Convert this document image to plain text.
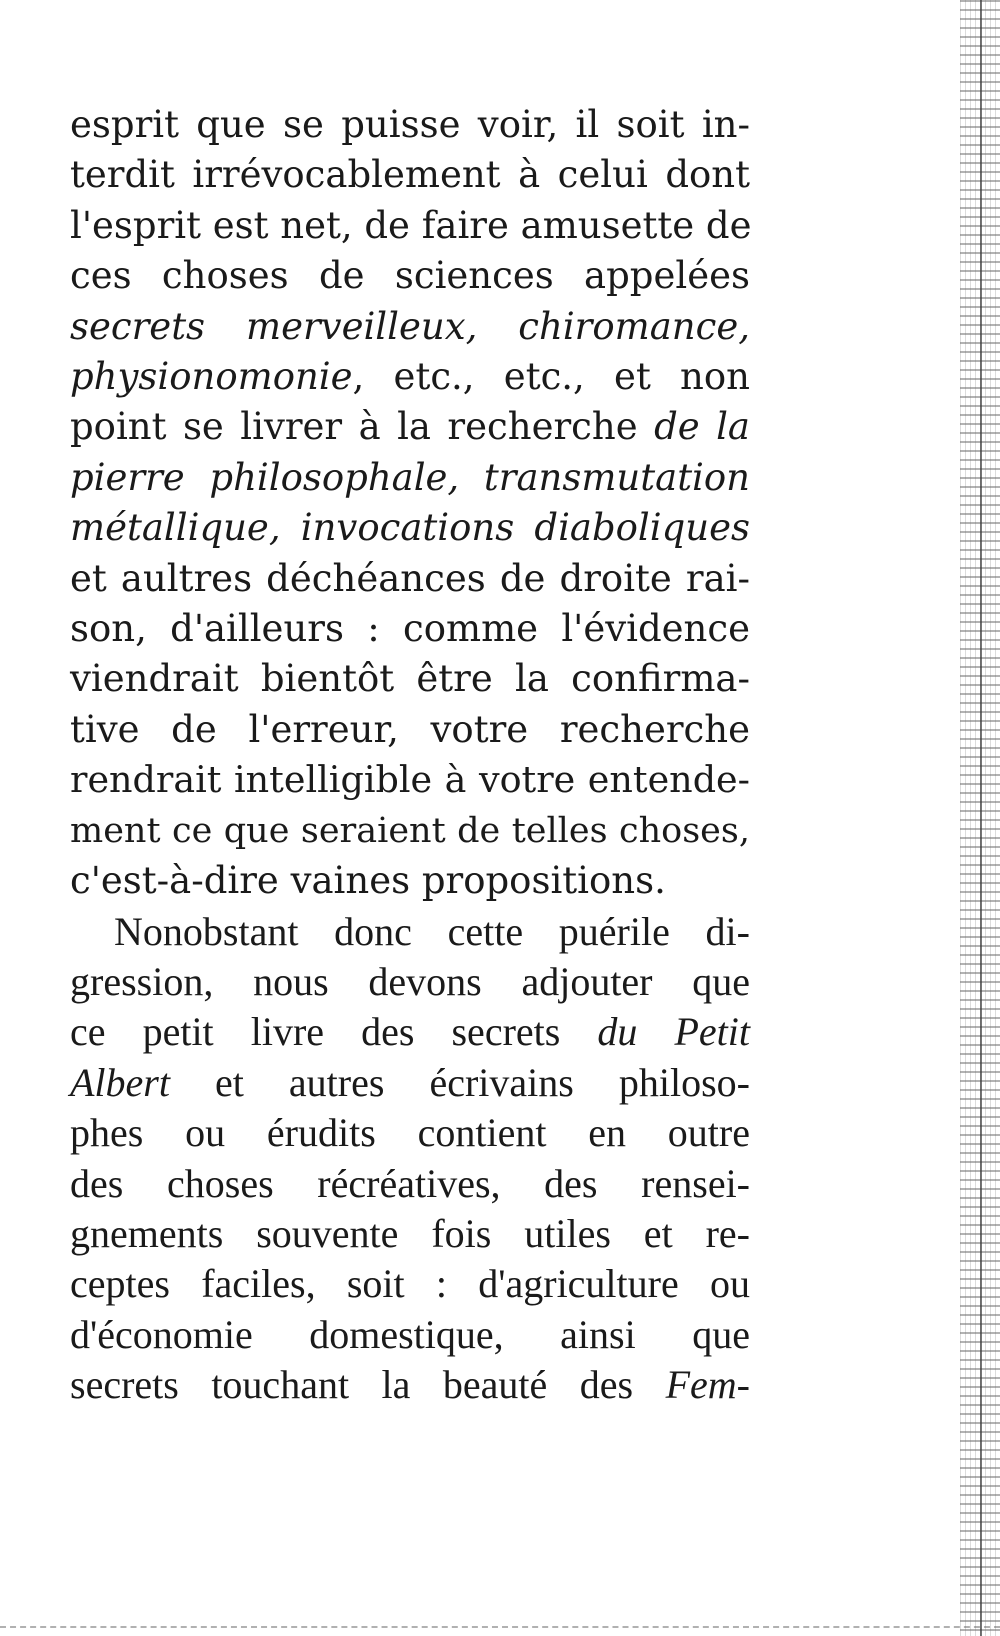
esprit que se puisse voir, il soit in-
terdit irrévocablement à celui dont
l'esprit est net, de faire amusette de
ces choses de sciences appelées
secrets merveilleux, chiromance,
physionomonie, etc., etc., et non
point se livrer à la recherche de la
pierre philosophale, transmutation
métallique, invocations diaboliques
et aultres déchéances de droite rai-
son, d'ailleurs : comme l'évidence
viendrait bientôt être la confirma-
tive de l'erreur, votre recherche
rendrait intelligible à votre entende-
ment ce que seraient de telles choses,
c'est-à-dire vaines propositions.
Nonobstant donc cette puérile di-
gression, nous devons adjouter que
ce petit livre des secrets du Petit
Albert et autres écrivains philoso-
phes ou érudits contient en outre
des choses récréatives, des rensei-
gnements souvente fois utiles et re-
ceptes faciles, soit : d'agriculture ou
d'économie domestique, ainsi que
secrets touchant la beauté des Fem-
